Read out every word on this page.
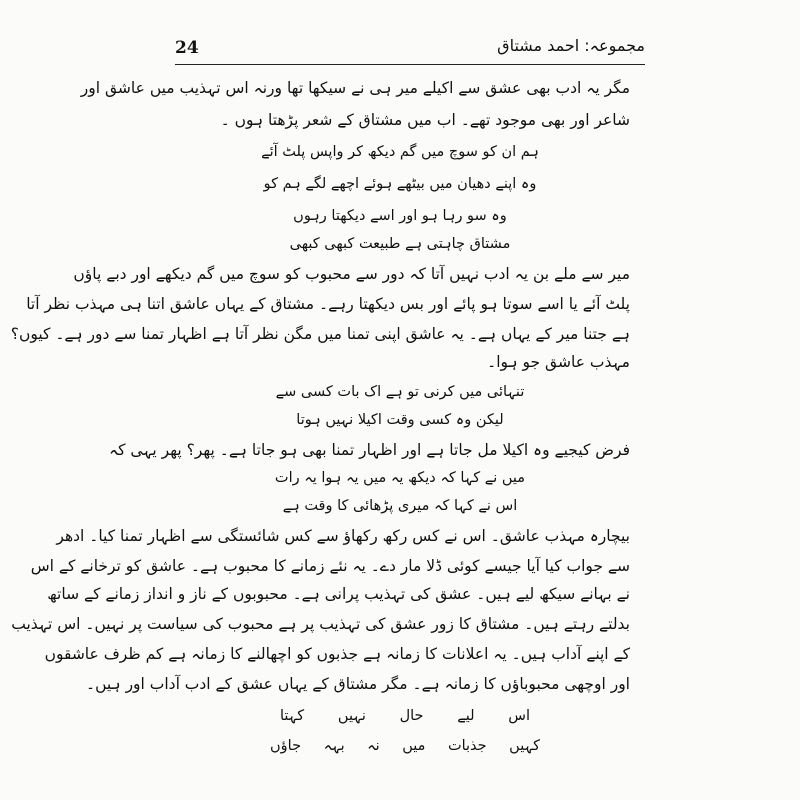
24	مجموعہ: احمد مشتاق
مگر یہ ادب بھی عشق سے اکیلے میر ہی نے سیکھا تھا ورنہ اس تہذیب میں عاشق اور
شاعر اور بھی موجود تھے۔ اب میں مشتاق کے شعر پڑھتا ہوں ۔
ہم ان کو سوچ میں گم دیکھ کر واپس پلٹ آئے
وہ اپنے دھیان میں بیٹھے ہوئے اچھے لگے ہم کو
وہ سو رہا ہو اور اسے دیکھتا رہوں
مشتاق چاہتی ہے طبیعت کبھی کبھی
میر سے ملے بن یہ ادب نہیں آتا کہ دور سے محبوب کو سوچ میں گم دیکھے اور دبے پاؤں
پلٹ آئے یا اسے سوتا ہو پائے اور بس دیکھتا رہے۔ مشتاق کے یہاں عاشق اتنا ہی مہذب نظر آتا
ہے جتنا میر کے یہاں ہے۔ یہ عاشق اپنی تمنا میں مگن نظر آتا ہے اظہار تمنا سے دور ہے۔ کیوں؟
مہذب عاشق جو ہوا۔
تنہائی میں کرنی تو ہے اک بات کسی سے
لیکن وہ کسی وقت اکیلا نہیں ہوتا
فرض کیجیے وہ اکیلا مل جاتا ہے اور اظہار تمنا بھی ہو جاتا ہے۔ پھر؟ پھر یہی کہ
میں نے کہا کہ دیکھ یہ میں یہ ہوا یہ رات
اس نے کہا کہ میری پڑھائی کا وقت ہے
بیچارہ مہذب عاشق۔ اس نے کس رکھ رکھاؤ سے کس شائستگی سے اظہار تمنا کیا۔ ادھر
سے جواب کیا آیا جیسے کوئی ڈلا مار دے۔ یہ نئے زمانے کا محبوب ہے۔ عاشق کو ترخانے کے اس
نے بہانے سیکھ لیے ہیں۔ عشق کی تہذیب پرانی ہے۔ محبوبوں کے ناز و انداز زمانے کے ساتھ
بدلتے رہتے ہیں۔ مشتاق کا زور عشق کی تہذیب پر ہے محبوب کی سیاست پر نہیں۔ اس تہذیب
کے اپنے آداب ہیں۔ یہ اعلانات کا زمانہ ہے جذبوں کو اچھالنے کا زمانہ ہے کم ظرف عاشقوں
اور اوچھی محبوباؤں کا زمانہ ہے۔ مگر مشتاق کے یہاں عشق کے ادب آداب اور ہیں۔
اس لیے حال نہیں کہتا
کہیں جذبات میں نہ بہہ جاؤں
